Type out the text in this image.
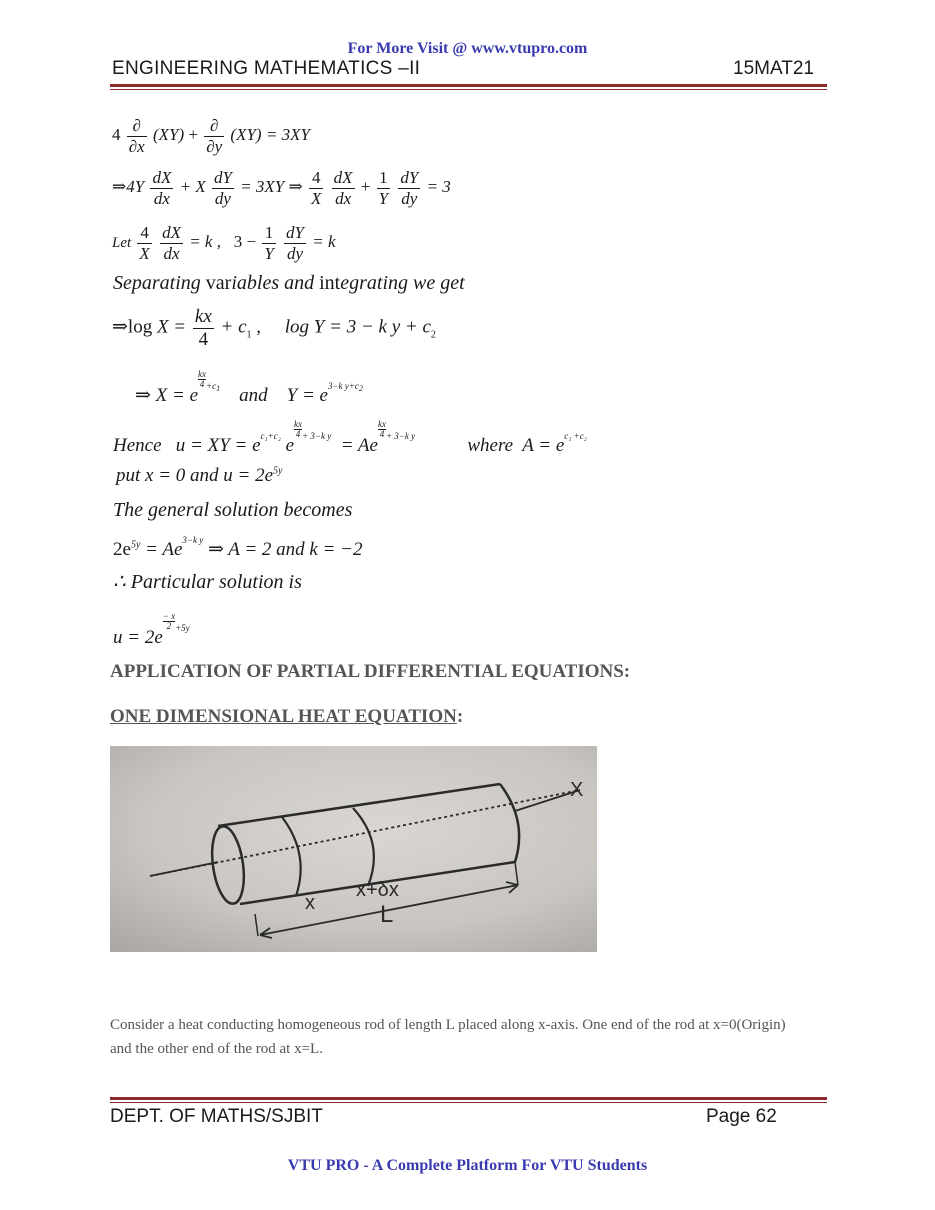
For More Visit @ www.vtupro.com
ENGINEERING MATHEMATICS –II	15MAT21
$4 \frac{\partial}{\partial x} (XY) + \frac{\partial}{\partial y} (XY) = 3XY$
⇒4Y $\frac{dX}{dx} + X \frac{dY}{dy} = 3XY$ ⇒ $\frac{4}{X}$
$\frac{dX}{dx} + \frac{1}{Y}$
$\frac{dY}{dy} = 3$
Let $\frac{4}{X}$
$\frac{dX}{dx} = k$ , $3 - \frac{1}{Y}$
$\frac{dY}{dy} = k$
Separating variables and integrating we get
⇒log $X = \frac{kx}{4} + c_1$ , log Y = 3 − k $y + c_2$
⇒ X = e
$\frac{kx}{4} ^{+c1}$ and $Y = e^{3-k y+c2}$
Hence u = XY = $e^{c_1+c_2}$ e
$\frac{kx}{4} ^{+ 3-k y} = Ae$
$\frac{kx}{4} ^{+ 3-k y}$	where $A = e^{c_1 +c_2}$
put x = 0 and $u = 2e^{5y}$
The general solution becomes
$2e^{5y} = Ae^{3-k y}$ ⇒ A = 2 and k = −2
∴ Particular solution is
u = 2e
$\frac{- x}{2} ^{+5y}$
APPLICATION OF PARTIAL DIFFERENTIAL EQUATIONS:
ONE DIMENSIONAL HEAT EQUATION:
x
x+δx
L
X
Consider a heat conducting homogeneous rod of length L placed along x-axis. One end of the rod at x=0(Origin) and the other end of the rod at x=L.
DEPT. OF MATHS/SJBIT	Page 62
VTU PRO - A Complete Platform For VTU Students
